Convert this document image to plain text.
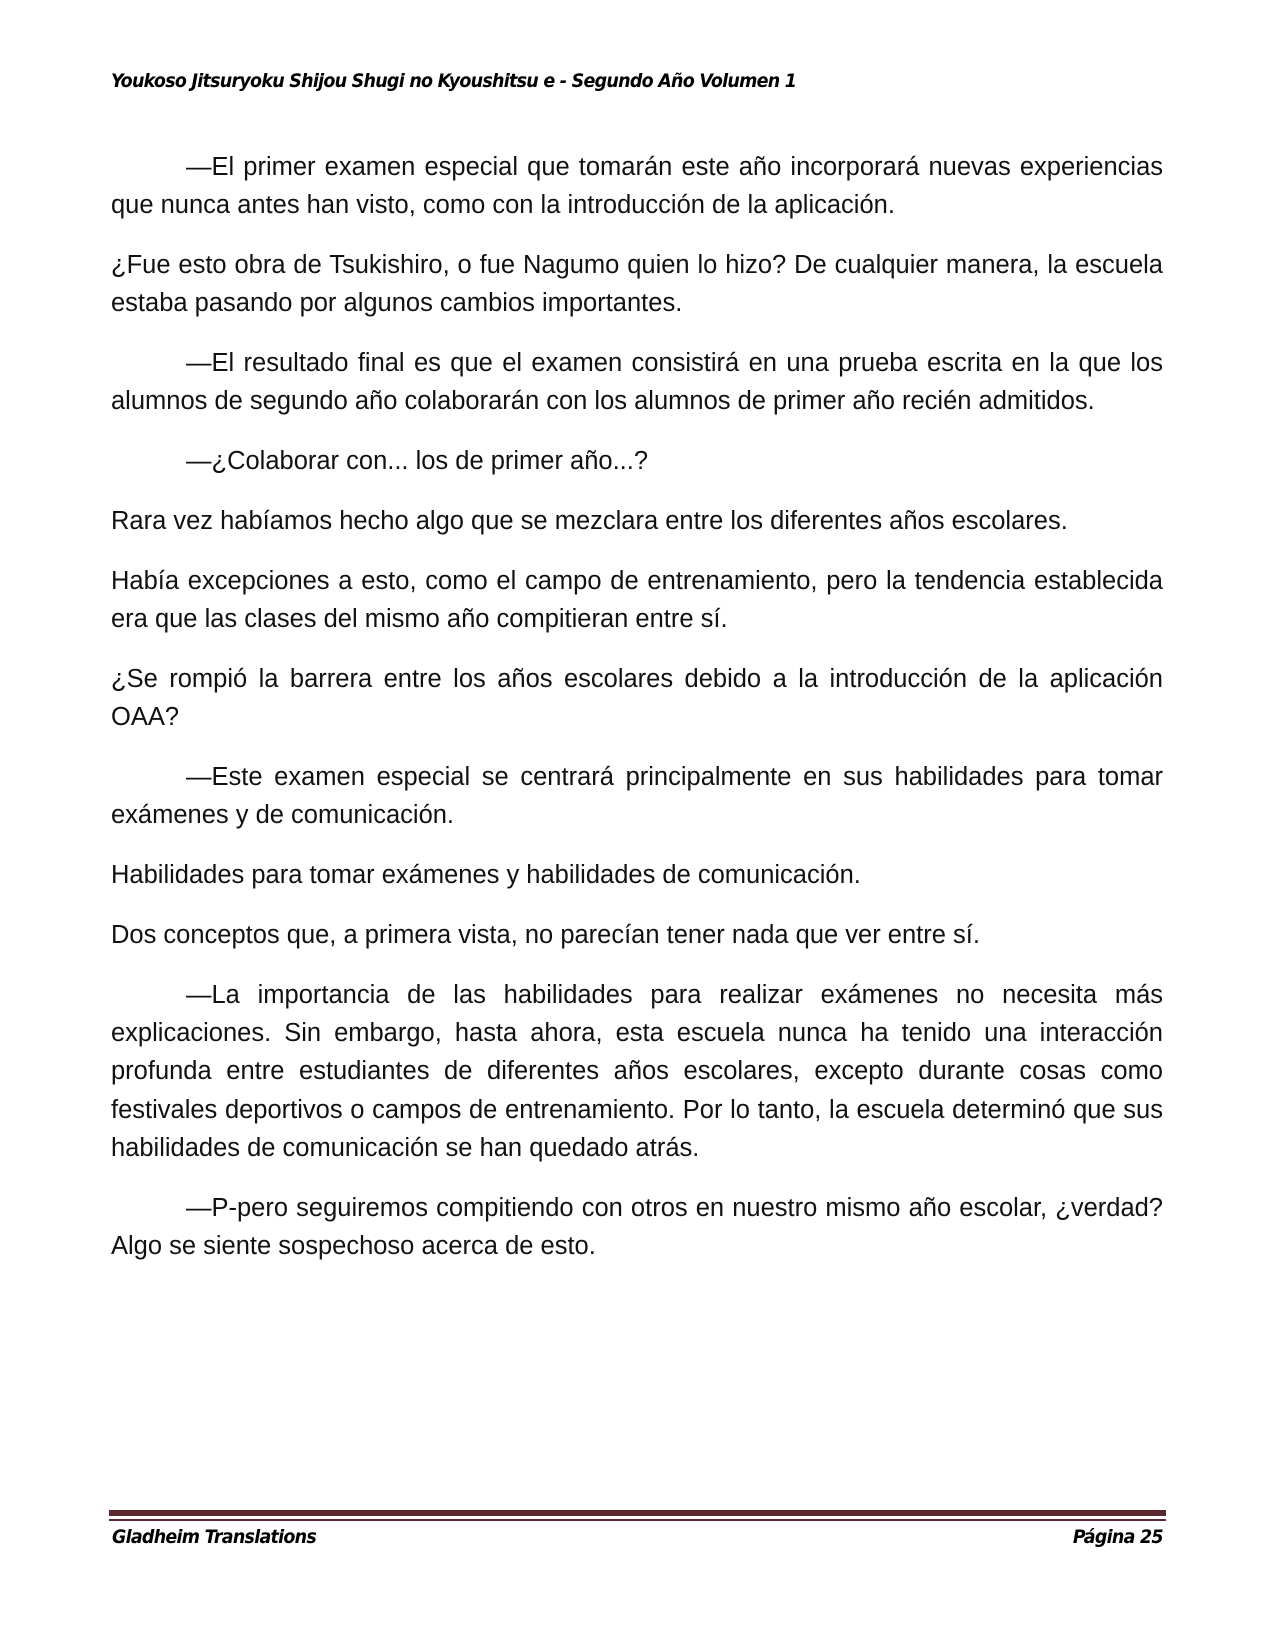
Youkoso Jitsuryoku Shijou Shugi no Kyoushitsu e - Segundo Año Volumen 1

—El primer examen especial que tomarán este año incorporará nuevas experiencias que nunca antes han visto, como con la introducción de la aplicación.

¿Fue esto obra de Tsukishiro, o fue Nagumo quien lo hizo? De cualquier manera, la escuela estaba pasando por algunos cambios importantes.

—El resultado final es que el examen consistirá en una prueba escrita en la que los alumnos de segundo año colaborarán con los alumnos de primer año recién admitidos.

—¿Colaborar con... los de primer año...?

Rara vez habíamos hecho algo que se mezclara entre los diferentes años escolares.

Había excepciones a esto, como el campo de entrenamiento, pero la tendencia establecida era que las clases del mismo año compitieran entre sí.

¿Se rompió la barrera entre los años escolares debido a la introducción de la aplicación OAA?

—Este examen especial se centrará principalmente en sus habilidades para tomar exámenes y de comunicación.

Habilidades para tomar exámenes y habilidades de comunicación.

Dos conceptos que, a primera vista, no parecían tener nada que ver entre sí.

—La importancia de las habilidades para realizar exámenes no necesita más explicaciones. Sin embargo, hasta ahora, esta escuela nunca ha tenido una interacción profunda entre estudiantes de diferentes años escolares, excepto durante cosas como festivales deportivos o campos de entrenamiento. Por lo tanto, la escuela determinó que sus habilidades de comunicación se han quedado atrás.

—P-pero seguiremos compitiendo con otros en nuestro mismo año escolar, ¿verdad? Algo se siente sospechoso acerca de esto.

Gladheim Translations	Página 25
